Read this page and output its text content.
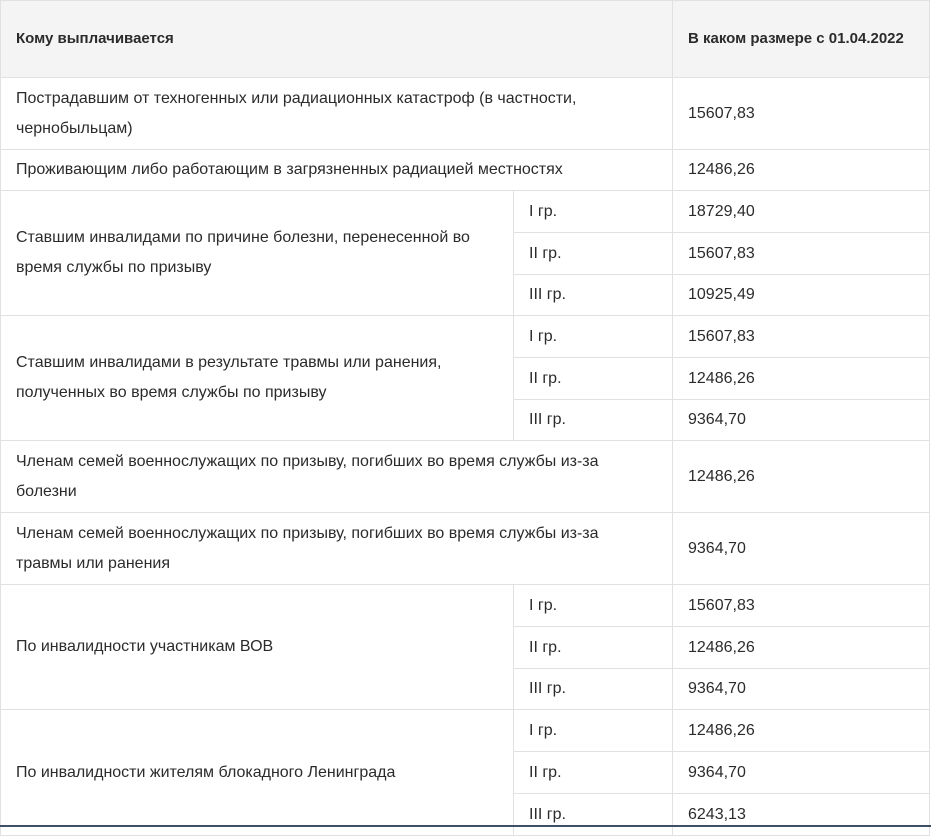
Кому выплачивается		В каком размере с 01.04.2022
Пострадавшим от техногенных или радиационных катастроф (в частности, чернобыльцам)		15607,83
Проживающим либо работающим в загрязненных радиацией местностях		12486,26
Ставшим инвалидами по причине болезни, перенесенной во время службы по призыву	I гр.	18729,40
	II гр.	15607,83
	III гр.	10925,49
Ставшим инвалидами в результате травмы или ранения, полученных во время службы по призыву	I гр.	15607,83
	II гр.	12486,26
	III гр.	9364,70
Членам семей военнослужащих по призыву, погибших во время службы из-за болезни		12486,26
Членам семей военнослужащих по призыву, погибших во время службы из-за травмы или ранения		9364,70
По инвалидности участникам ВОВ	I гр.	15607,83
	II гр.	12486,26
	III гр.	9364,70
По инвалидности жителям блокадного Ленинграда	I гр.	12486,26
	II гр.	9364,70
	III гр.	6243,13
